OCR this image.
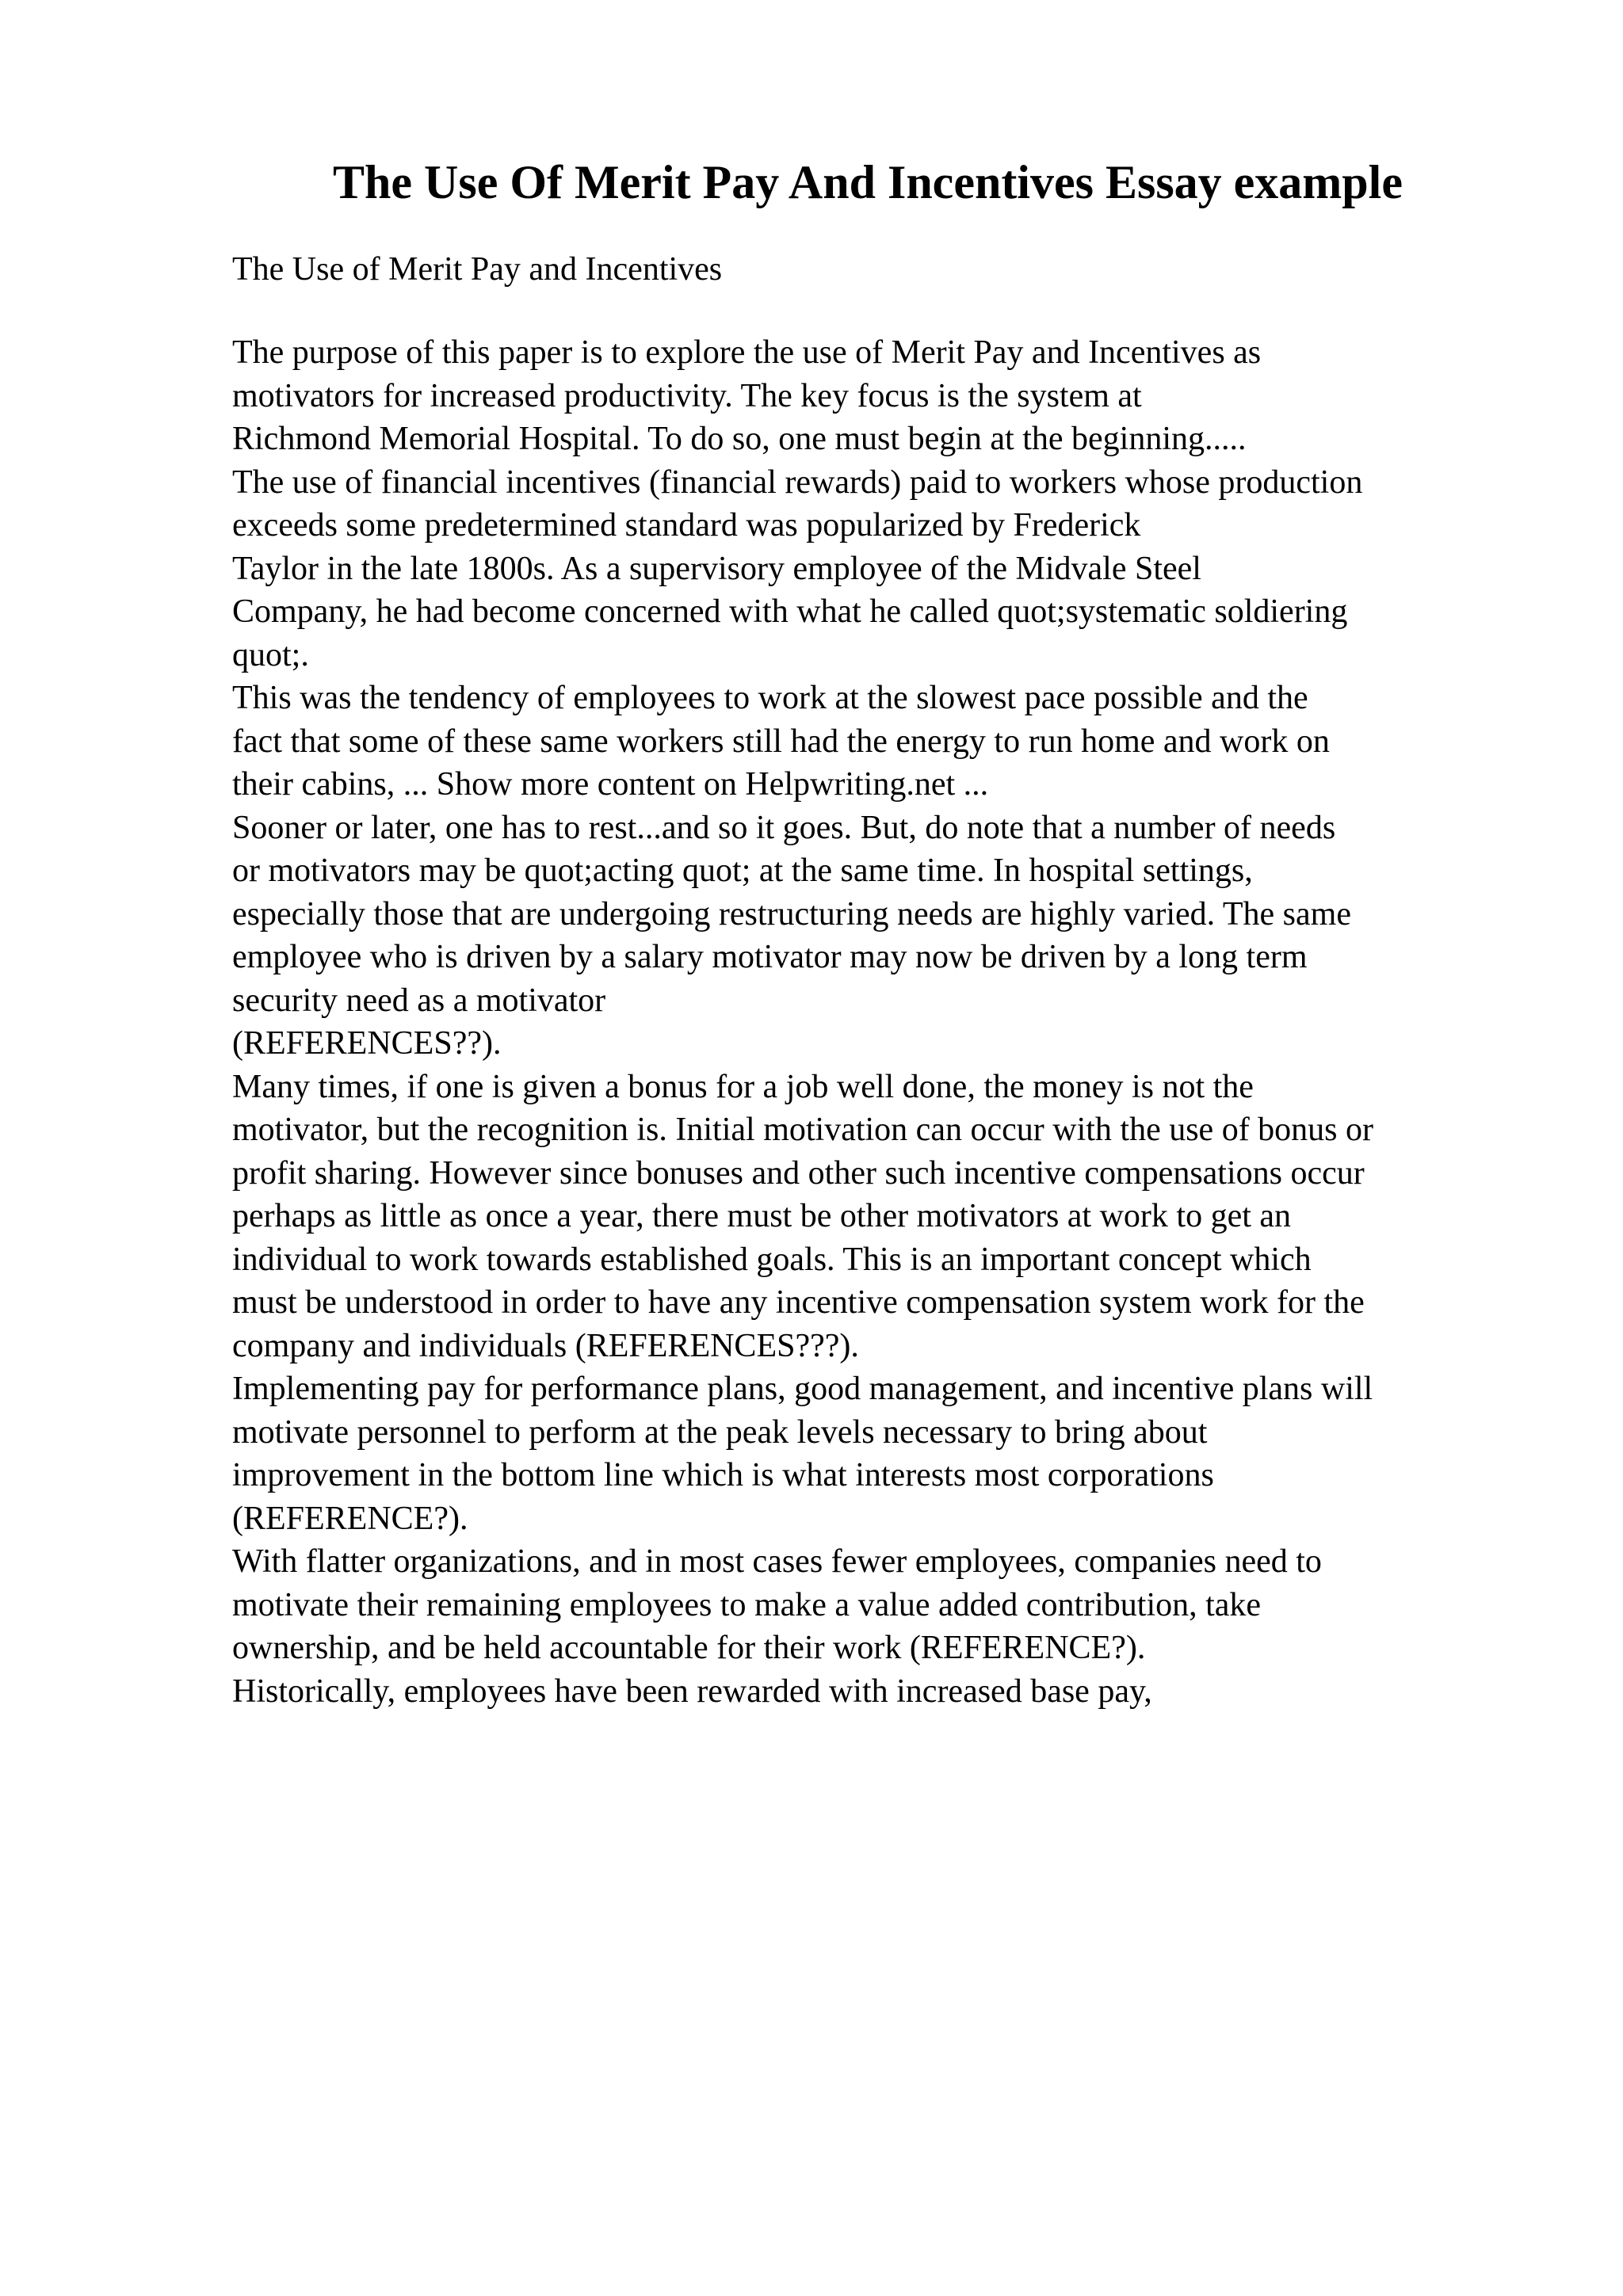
The Use Of Merit Pay And Incentives Essay example

The Use of Merit Pay and Incentives

The purpose of this paper is to explore the use of Merit Pay and Incentives as
motivators for increased productivity. The key focus is the system at
Richmond Memorial Hospital. To do so, one must begin at the beginning.....
The use of financial incentives (financial rewards) paid to workers whose production
exceeds some predetermined standard was popularized by Frederick
Taylor in the late 1800s. As a supervisory employee of the Midvale Steel
Company, he had become concerned with what he called quot;systematic soldiering
quot;.
This was the tendency of employees to work at the slowest pace possible and the
fact that some of these same workers still had the energy to run home and work on
their cabins, ... Show more content on Helpwriting.net ...
Sooner or later, one has to rest...and so it goes. But, do note that a number of needs
or motivators may be quot;acting quot; at the same time. In hospital settings,
especially those that are undergoing restructuring needs are highly varied. The same
employee who is driven by a salary motivator may now be driven by a long term
security need as a motivator
(REFERENCES??).
Many times, if one is given a bonus for a job well done, the money is not the
motivator, but the recognition is. Initial motivation can occur with the use of bonus or
profit sharing. However since bonuses and other such incentive compensations occur
perhaps as little as once a year, there must be other motivators at work to get an
individual to work towards established goals. This is an important concept which
must be understood in order to have any incentive compensation system work for the
company and individuals (REFERENCES???).
Implementing pay for performance plans, good management, and incentive plans will
motivate personnel to perform at the peak levels necessary to bring about
improvement in the bottom line which is what interests most corporations
(REFERENCE?).
With flatter organizations, and in most cases fewer employees, companies need to
motivate their remaining employees to make a value added contribution, take
ownership, and be held accountable for their work (REFERENCE?).
Historically, employees have been rewarded with increased base pay,
